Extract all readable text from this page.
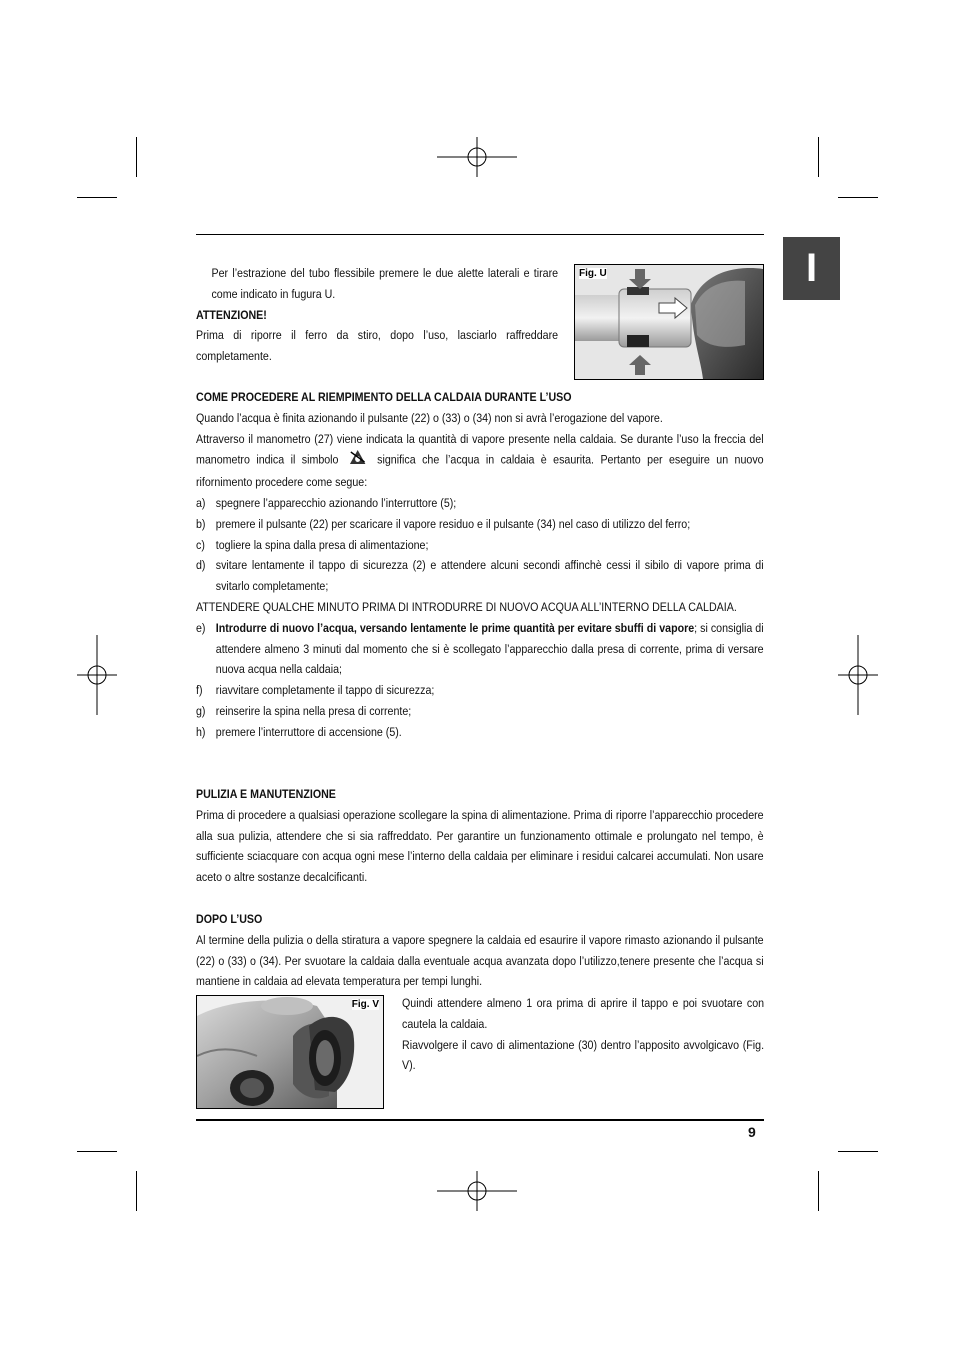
I
Per l’estrazione del tubo flessibile premere le due alette laterali e tirare come indicato in fugura U.
ATTENZIONE!
Prima di riporre il ferro da stiro, dopo l’uso, lasciarlo raffreddare completamente.
Fig. U
COME PROCEDERE AL RIEMPIMENTO DELLA CALDAIA DURANTE L’USO
Quando l’acqua è finita azionando il pulsante (22) o (33) o (34) non si avrà l’erogazione del vapore.
Attraverso il manometro (27) viene indicata la quantità di vapore presente nella caldaia. Se durante l’uso la freccia del manometro indica il simbolo	significa che l’acqua in caldaia è esaurita. Pertanto per eseguire un nuovo rifornimento procedere come segue:
a) spegnere l’apparecchio azionando l’interruttore (5);
b) premere il pulsante (22) per scaricare il vapore residuo e il pulsante (34) nel caso di utilizzo del ferro;
c) togliere la spina dalla presa di alimentazione;
d) svitare lentamente il tappo di sicurezza (2) e attendere alcuni secondi affinchè cessi il sibilo di vapore prima di svitarlo completamente;
ATTENDERE QUALCHE MINUTO PRIMA DI INTRODURRE DI NUOVO ACQUA ALL’INTERNO DELLA CALDAIA.
e) Introdurre di nuovo l’acqua, versando lentamente le prime quantità per evitare sbuffi di vapore; si consiglia di attendere almeno 3 minuti dal momento che si è scollegato l’apparecchio dalla presa di corrente, prima di versare nuova acqua nella caldaia;
f) riavvitare completamente il tappo di sicurezza;
g) reinserire la spina nella presa di corrente;
h) premere l’interruttore di accensione (5).
PULIZIA E MANUTENZIONE
Prima di procedere a qualsiasi operazione scollegare la spina di alimentazione. Prima di riporre l’apparecchio procedere alla sua pulizia, attendere che si sia raffreddato. Per garantire un funzionamento ottimale e prolungato nel tempo, è sufficiente sciacquare con acqua ogni mese l’interno della caldaia per eliminare i residui calcarei accumulati. Non usare aceto o altre sostanze decalcificanti.
DOPO L’USO
Al termine della pulizia o della stiratura a vapore spegnere la caldaia ed esaurire il vapore rimasto azionando il pulsante (22) o (33) o (34). Per svuotare la caldaia dalla eventuale acqua avanzata dopo l’utilizzo,tenere presente che l’acqua si mantiene in caldaia ad elevata temperatura per tempi lunghi.
Quindi attendere almeno 1 ora prima di aprire il tappo e poi svuotare con cautela la caldaia.
Riavvolgere il cavo di alimentazione (30) dentro l’apposito avvolgicavo (Fig. V).
Fig. V
9
